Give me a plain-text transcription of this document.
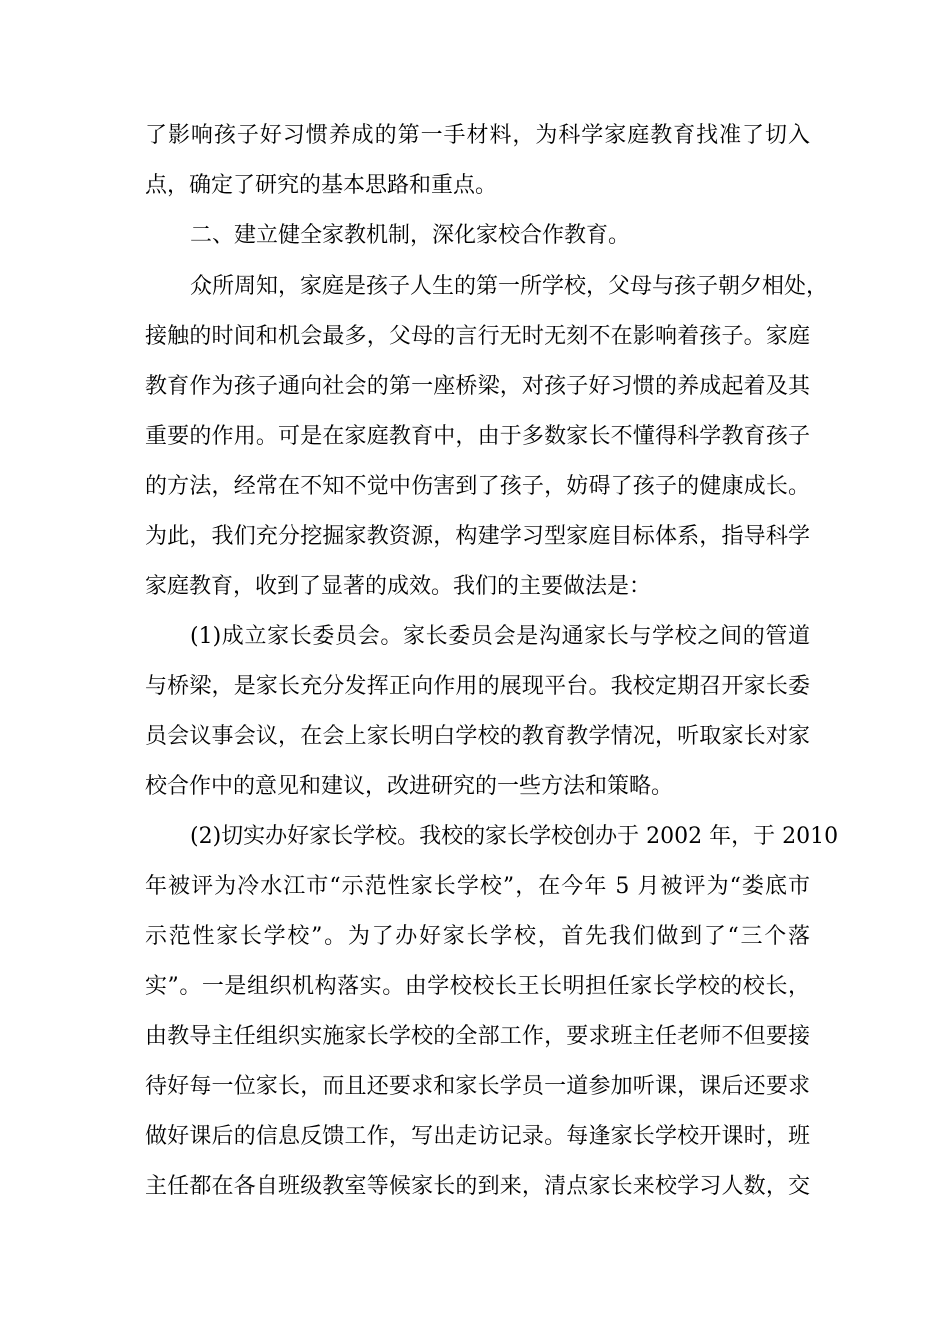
了影响孩子好习惯养成的第一手材料，为科学家庭教育找准了切入
点，确定了研究的基本思路和重点。
二、建立健全家教机制，深化家校合作教育。
众所周知，家庭是孩子人生的第一所学校，父母与孩子朝夕相处，
接触的时间和机会最多，父母的言行无时无刻不在影响着孩子。家庭
教育作为孩子通向社会的第一座桥梁，对孩子好习惯的养成起着及其
重要的作用。可是在家庭教育中，由于多数家长不懂得科学教育孩子
的方法，经常在不知不觉中伤害到了孩子，妨碍了孩子的健康成长。
为此，我们充分挖掘家教资源，构建学习型家庭目标体系，指导科学
家庭教育，收到了显著的成效。我们的主要做法是：
(1)成立家长委员会。家长委员会是沟通家长与学校之间的管道
与桥梁，是家长充分发挥正向作用的展现平台。我校定期召开家长委
员会议事会议，在会上家长明白学校的教育教学情况，听取家长对家
校合作中的意见和建议，改进研究的一些方法和策略。
(2)切实办好家长学校。我校的家长学校创办于 2002 年，于 2010
年被评为冷水江市“示范性家长学校”，在今年 5 月被评为“娄底市
示范性家长学校”。为了办好家长学校，首先我们做到了“三个落
实”。一是组织机构落实。由学校校长王长明担任家长学校的校长，
由教导主任组织实施家长学校的全部工作，要求班主任老师不但要接
待好每一位家长，而且还要求和家长学员一道参加听课，课后还要求
做好课后的信息反馈工作，写出走访记录。每逢家长学校开课时，班
主任都在各自班级教室等候家长的到来，清点家长来校学习人数，交
